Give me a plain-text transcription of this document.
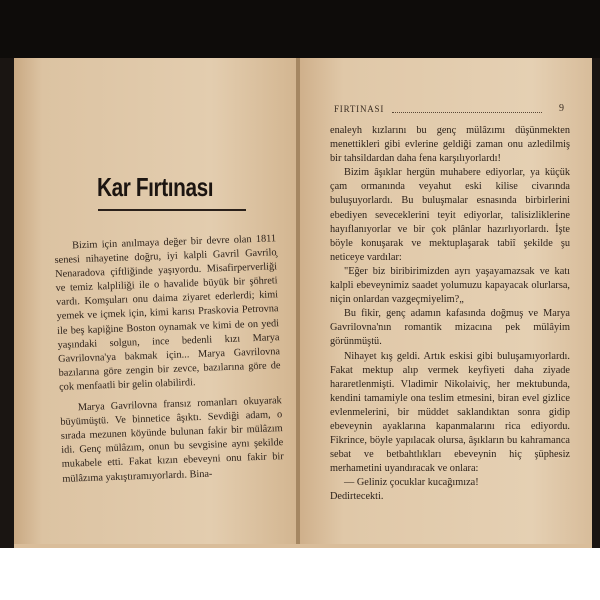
Kar Fırtınası

Bizim için anılmaya değer bir devre olan 1811 senesi nihayetine doğru, iyi kalpli Gavril Gavrilo̧ Nenaradova çiftliğinde yaşıyordu. Misafirperverliği ve temiz kalpliliği ile o havalide büyük bir şöhreti vardı. Komşuları onu daima ziyaret ederlerdi; kimi yemek ve içmek için, kimi karısı Praskovia Petrovna ile beş kapiğine Boston oynamak ve kimi de on yedi yaşındaki solgun, ince bedenli kızı Marya Gavrilovna'ya bakmak için... Marya Gavrilovna bazılarına göre zengin bir zevce, bazılarına göre de çok menfaatli bir gelin olabilirdi.

Marya Gavrilovna fransız romanları okuyarak büyümüştü. Ve binnetice âşıktı. Sevdiği adam, o sırada mezunen köyünde bulunan fakir bir mülâzım idi. Genç mülâzım, onun bu sevgisine aynı şekilde mukabele etti. Fakat kızın ebeveyni onu fakir bir mülâzıma yakıştıramıyorlardı. Bina-

FIRTINASI	9

enaleyh kızlarını bu genç mülâzımı düşünmekten menettikleri gibi evlerine geldiği zaman onu azledilmiş bir tahsildardan daha fena karşılıyorlardı!

Bizim âşıklar hergün muhabere ediyorlar, ya küçük çam ormanında veyahut eski kilise civarında buluşuyorlardı. Bu buluşmalar esnasında birbirlerini ebediyen seveceklerini teyit ediyorlar, talisizliklerine hayıflanıyorlar ve bir çok plânlar hazırlıyorlardı. İşte böyle konuşarak ve mektuplaşarak tabiî şekilde şu neticeye vardılar:

"Eğer biz biribirimizden ayrı yaşayamazsak ve katı kalpli ebeveynimiz saadet yolumuzu kapayacak olurlarsa, niçin onlardan vazgeçmiyelim?„

Bu fikir, genç adamın kafasında doğmuş ve Marya Gavrilovna'nın romantik mizacına pek mülâyim görünmüştü.

Nihayet kış geldi. Artık eskisi gibi buluşamıyorlardı. Fakat mektup alıp vermek keyfiyeti daha ziyade hararetlenmişti. Vladimir Nikolaiviç, her mektubunda, kendini tamamiyle ona teslim etmesini, biran evel gizlice evlenmelerini, bir müddet saklandıktan sonra gidip ebeveynin ayaklarına kapanmalarını rica ediyordu. Fikrince, böyle yapılacak olursa, âşıkların bu kahramanca sebat ve betbahtlıkları ebeveynin hiç şüphesiz merhametini uyandıracak ve onlara:

— Geliniz çocuklar kucağımıza!

Dedirtecekti.
